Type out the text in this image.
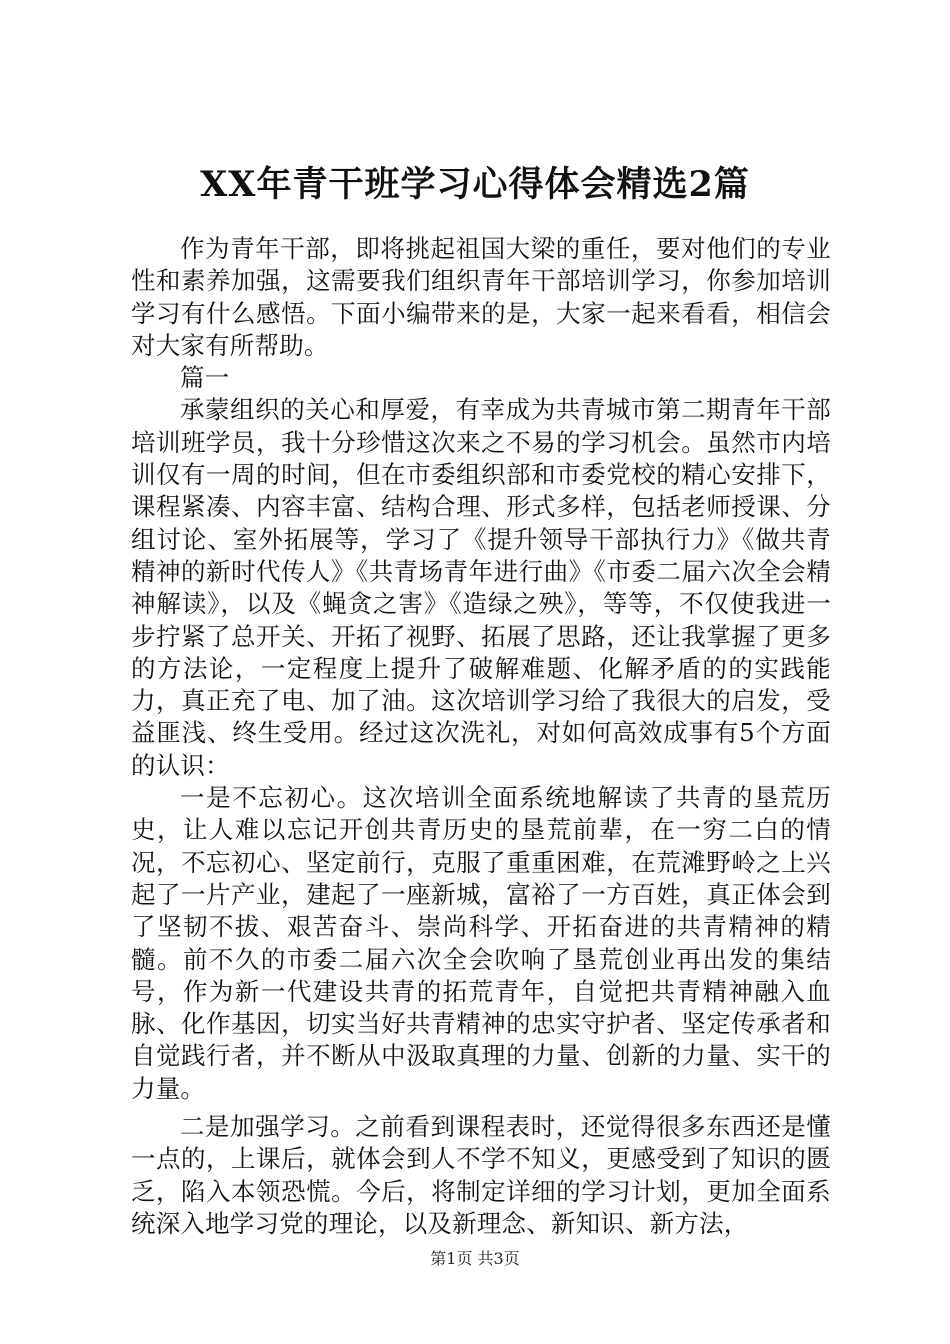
XX年青干班学习心得体会精选2篇

作为青年干部，即将挑起祖国大梁的重任，要对他们的专业性和素养加强，这需要我们组织青年干部培训学习，你参加培训学习有什么感悟。下面小编带来的是，大家一起来看看，相信会对大家有所帮助。

篇一

承蒙组织的关心和厚爱，有幸成为共青城市第二期青年干部培训班学员，我十分珍惜这次来之不易的学习机会。虽然市内培训仅有一周的时间，但在市委组织部和市委党校的精心安排下，课程紧凑、内容丰富、结构合理、形式多样，包括老师授课、分组讨论、室外拓展等，学习了《提升领导干部执行力》《做共青精神的新时代传人》《共青场青年进行曲》《市委二届六次全会精神解读》，以及《蝇贪之害》《造绿之殃》，等等，不仅使我进一步拧紧了总开关、开拓了视野、拓展了思路，还让我掌握了更多的方法论，一定程度上提升了破解难题、化解矛盾的的实践能力，真正充了电、加了油。这次培训学习给了我很大的启发，受益匪浅、终生受用。经过这次洗礼，对如何高效成事有5个方面的认识：

一是不忘初心。这次培训全面系统地解读了共青的垦荒历史，让人难以忘记开创共青历史的垦荒前辈，在一穷二白的情况，不忘初心、坚定前行，克服了重重困难，在荒滩野岭之上兴起了一片产业，建起了一座新城，富裕了一方百姓，真正体会到了坚韧不拔、艰苦奋斗、崇尚科学、开拓奋进的共青精神的精髓。前不久的市委二届六次全会吹响了垦荒创业再出发的集结号，作为新一代建设共青的拓荒青年，自觉把共青精神融入血脉、化作基因，切实当好共青精神的忠实守护者、坚定传承者和自觉践行者，并不断从中汲取真理的力量、创新的力量、实干的力量。

二是加强学习。之前看到课程表时，还觉得很多东西还是懂一点的，上课后，就体会到人不学不知义，更感受到了知识的匮乏，陷入本领恐慌。今后，将制定详细的学习计划，更加全面系统深入地学习党的理论，以及新理念、新知识、新方法，

第1页 共3页
